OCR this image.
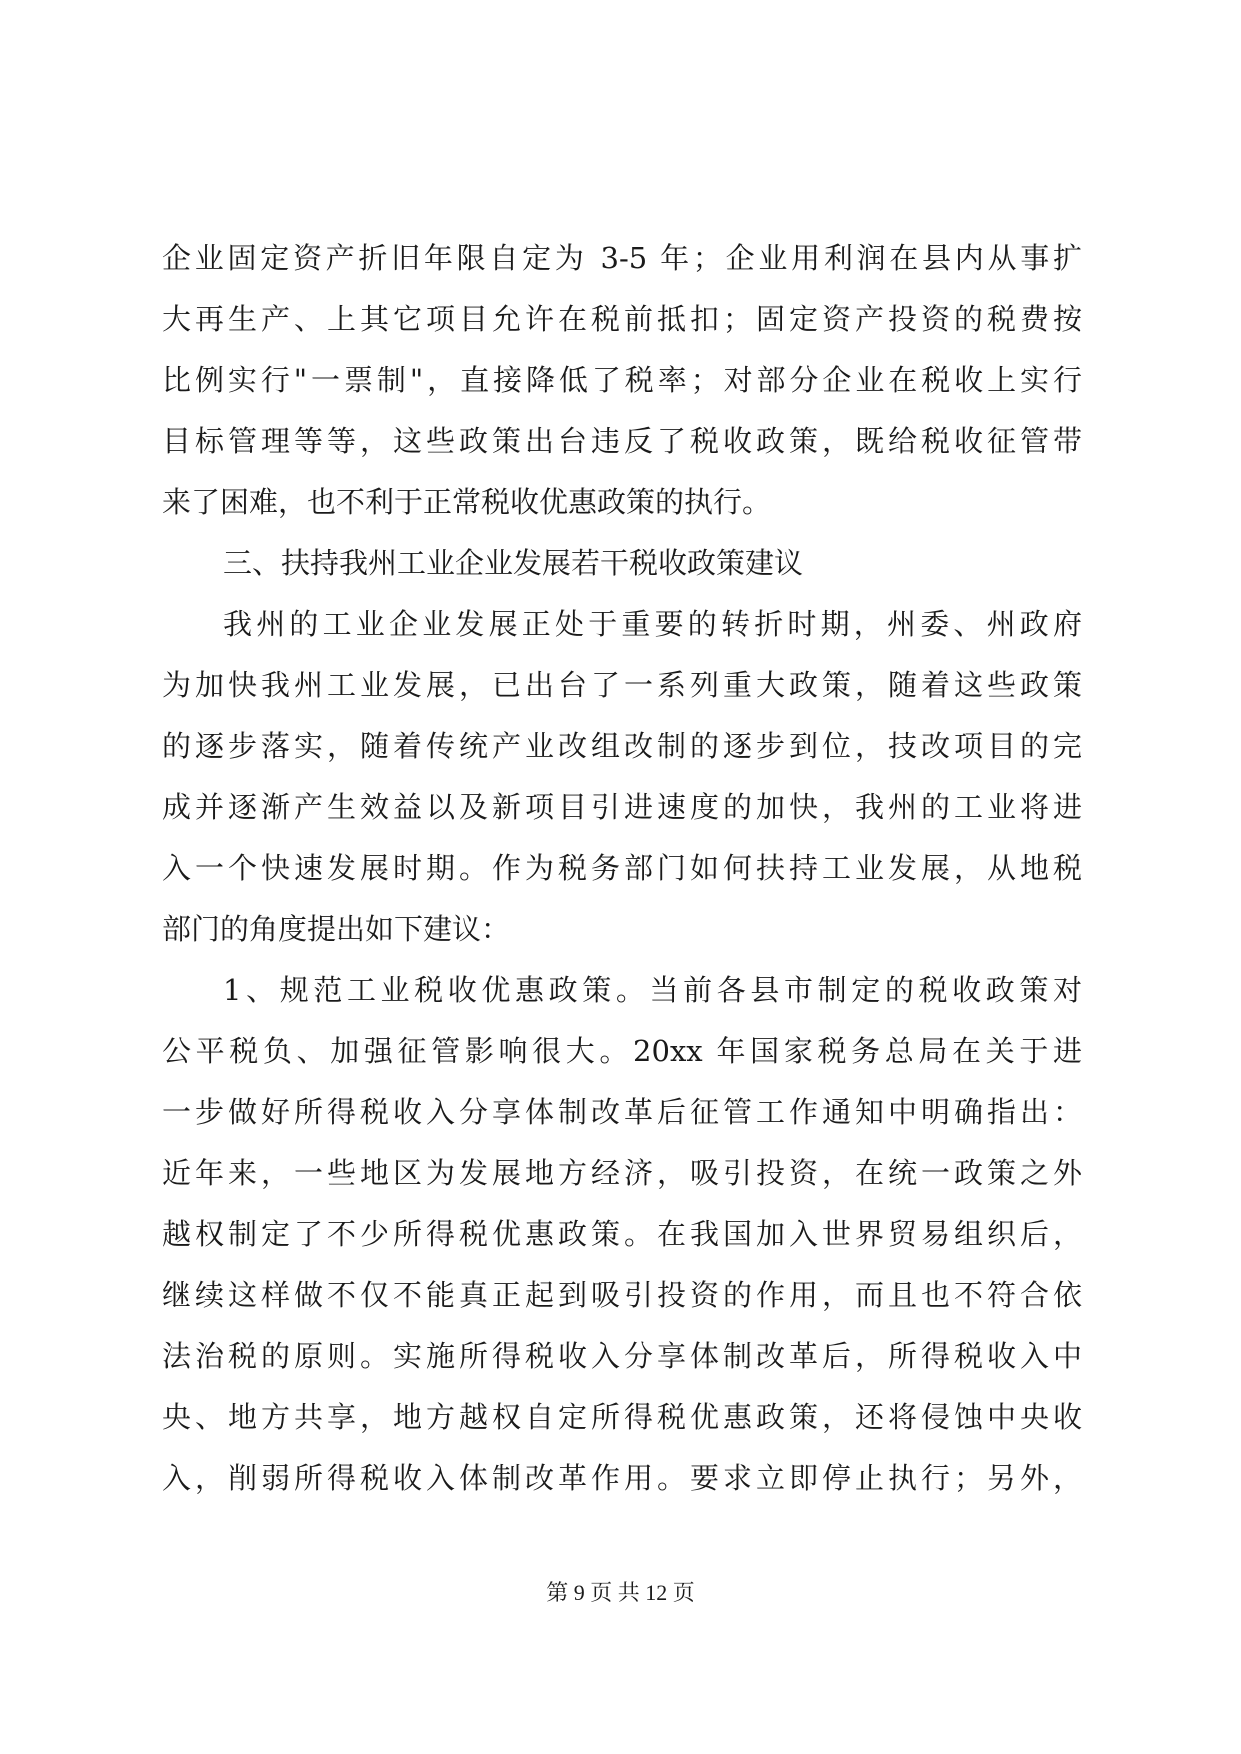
企业固定资产折旧年限自定为 3-5 年；企业用利润在县内从事扩
大再生产、上其它项目允许在税前抵扣；固定资产投资的税费按
比例实行"一票制"，直接降低了税率；对部分企业在税收上实行
目标管理等等，这些政策出台违反了税收政策，既给税收征管带
来了困难，也不利于正常税收优惠政策的执行。
三、扶持我州工业企业发展若干税收政策建议
我州的工业企业发展正处于重要的转折时期，州委、州政府
为加快我州工业发展，已出台了一系列重大政策，随着这些政策
的逐步落实，随着传统产业改组改制的逐步到位，技改项目的完
成并逐渐产生效益以及新项目引进速度的加快，我州的工业将进
入一个快速发展时期。作为税务部门如何扶持工业发展，从地税
部门的角度提出如下建议：
1、规范工业税收优惠政策。当前各县市制定的税收政策对
公平税负、加强征管影响很大。20xx 年国家税务总局在关于进
一步做好所得税收入分享体制改革后征管工作通知中明确指出：
近年来，一些地区为发展地方经济，吸引投资，在统一政策之外
越权制定了不少所得税优惠政策。在我国加入世界贸易组织后，
继续这样做不仅不能真正起到吸引投资的作用，而且也不符合依
法治税的原则。实施所得税收入分享体制改革后，所得税收入中
央、地方共享，地方越权自定所得税优惠政策，还将侵蚀中央收
入，削弱所得税收入体制改革作用。要求立即停止执行；另外，
第 9 页 共 12 页
